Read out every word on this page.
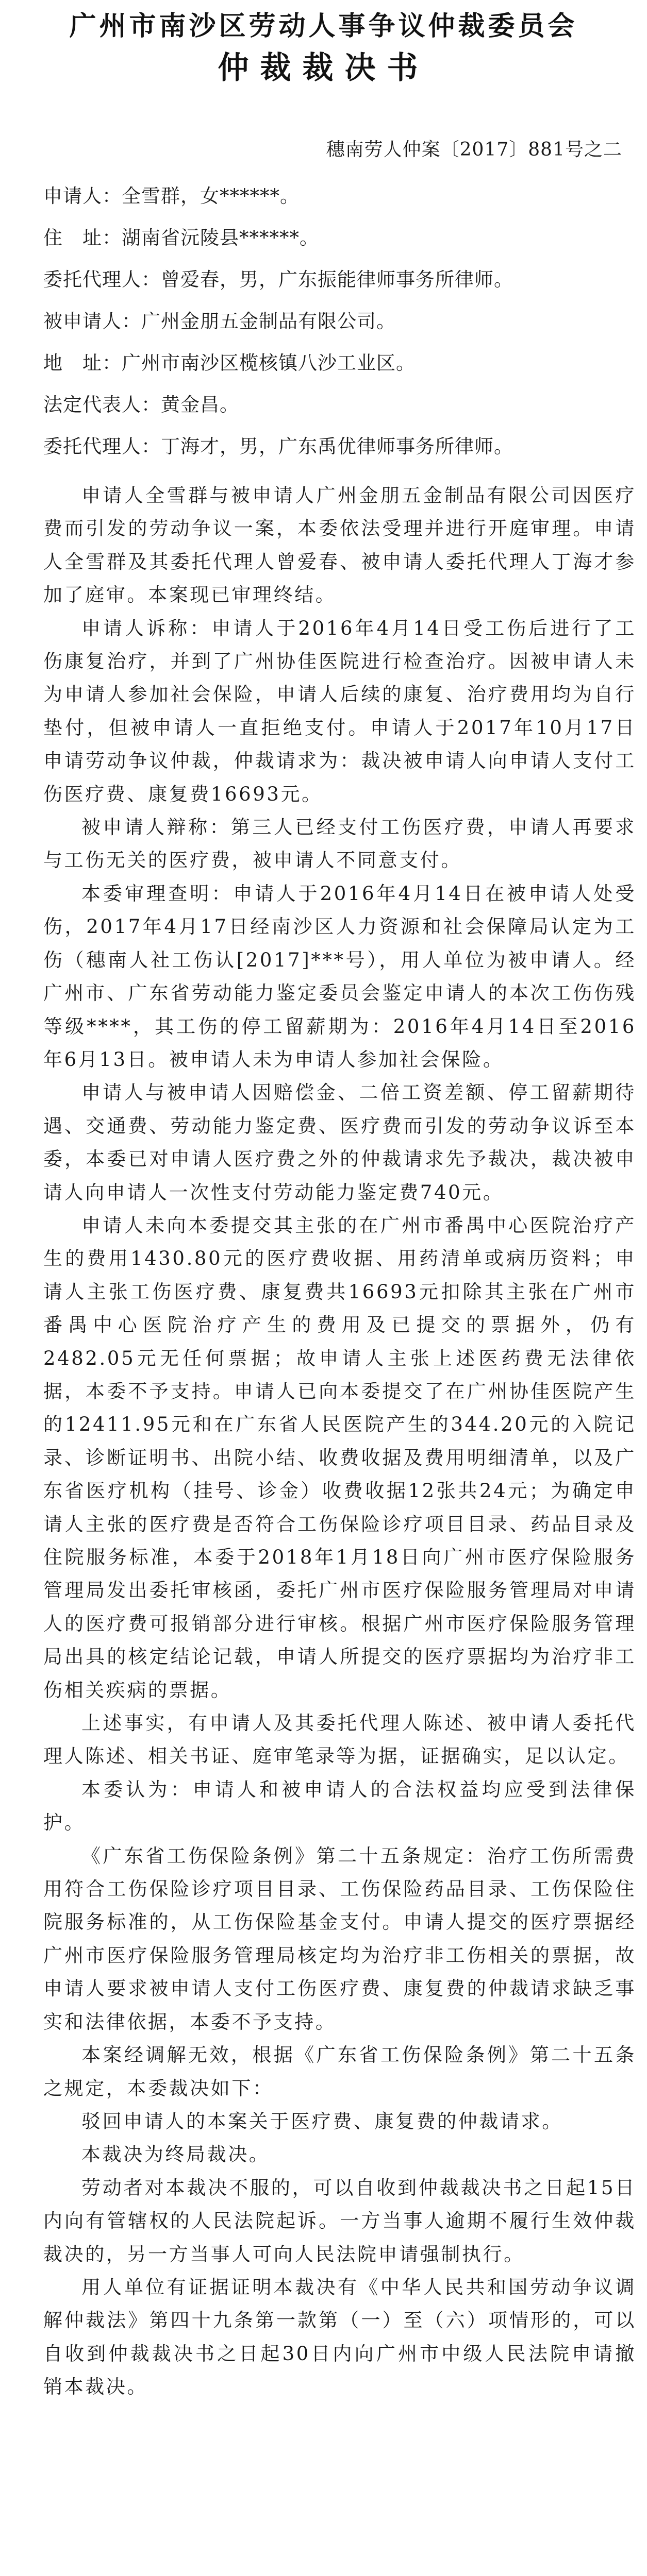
广州市南沙区劳动人事争议仲裁委员会
仲裁裁决书
穗南劳人仲案〔2017〕881号之二
申请人：全雪群，女******。
住　址：湖南省沅陵县******。
委托代理人：曾爱春，男，广东振能律师事务所律师。
被申请人：广州金朋五金制品有限公司。
地　址：广州市南沙区榄核镇八沙工业区。
法定代表人：黄金昌。
委托代理人：丁海才，男，广东禹优律师事务所律师。

申请人全雪群与被申请人广州金朋五金制品有限公司因医疗费而引发的劳动争议一案，本委依法受理并进行开庭审理。申请人全雪群及其委托代理人曾爱春、被申请人委托代理人丁海才参加了庭审。本案现已审理终结。

申请人诉称：申请人于2016年4月14日受工伤后进行了工伤康复治疗，并到了广州协佳医院进行检查治疗。因被申请人未为申请人参加社会保险，申请人后续的康复、治疗费用均为自行垫付，但被申请人一直拒绝支付。申请人于2017年10月17日申请劳动争议仲裁，仲裁请求为：裁决被申请人向申请人支付工伤医疗费、康复费16693元。

被申请人辩称：第三人已经支付工伤医疗费，申请人再要求与工伤无关的医疗费，被申请人不同意支付。

本委审理查明：申请人于2016年4月14日在被申请人处受伤，2017年4月17日经南沙区人力资源和社会保障局认定为工伤（穗南人社工伤认[2017]***号），用人单位为被申请人。经广州市、广东省劳动能力鉴定委员会鉴定申请人的本次工伤伤残等级****，其工伤的停工留薪期为：2016年4月14日至2016年6月13日。被申请人未为申请人参加社会保险。

申请人与被申请人因赔偿金、二倍工资差额、停工留薪期待遇、交通费、劳动能力鉴定费、医疗费而引发的劳动争议诉至本委，本委已对申请人医疗费之外的仲裁请求先予裁决，裁决被申请人向申请人一次性支付劳动能力鉴定费740元。

申请人未向本委提交其主张的在广州市番禺中心医院治疗产生的费用1430.80元的医疗费收据、用药清单或病历资料；申请人主张工伤医疗费、康复费共16693元扣除其主张在广州市番禺中心医院治疗产生的费用及已提交的票据外，仍有2482.05元无任何票据；故申请人主张上述医药费无法律依据，本委不予支持。申请人已向本委提交了在广州协佳医院产生的12411.95元和在广东省人民医院产生的344.20元的入院记录、诊断证明书、出院小结、收费收据及费用明细清单，以及广东省医疗机构（挂号、诊金）收费收据12张共24元；为确定申请人主张的医疗费是否符合工伤保险诊疗项目目录、药品目录及住院服务标准，本委于2018年1月18日向广州市医疗保险服务管理局发出委托审核函，委托广州市医疗保险服务管理局对申请人的医疗费可报销部分进行审核。根据广州市医疗保险服务管理局出具的核定结论记载，申请人所提交的医疗票据均为治疗非工伤相关疾病的票据。

上述事实，有申请人及其委托代理人陈述、被申请人委托代理人陈述、相关书证、庭审笔录等为据，证据确实，足以认定。

本委认为：申请人和被申请人的合法权益均应受到法律保护。

《广东省工伤保险条例》第二十五条规定：治疗工伤所需费用符合工伤保险诊疗项目目录、工伤保险药品目录、工伤保险住院服务标准的，从工伤保险基金支付。申请人提交的医疗票据经广州市医疗保险服务管理局核定均为治疗非工伤相关的票据，故申请人要求被申请人支付工伤医疗费、康复费的仲裁请求缺乏事实和法律依据，本委不予支持。

本案经调解无效，根据《广东省工伤保险条例》第二十五条之规定，本委裁决如下：

驳回申请人的本案关于医疗费、康复费的仲裁请求。

本裁决为终局裁决。

劳动者对本裁决不服的，可以自收到仲裁裁决书之日起15日内向有管辖权的人民法院起诉。一方当事人逾期不履行生效仲裁裁决的，另一方当事人可向人民法院申请强制执行。

用人单位有证据证明本裁决有《中华人民共和国劳动争议调解仲裁法》第四十九条第一款第（一）至（六）项情形的，可以自收到仲裁裁决书之日起30日内向广州市中级人民法院申请撤销本裁决。
